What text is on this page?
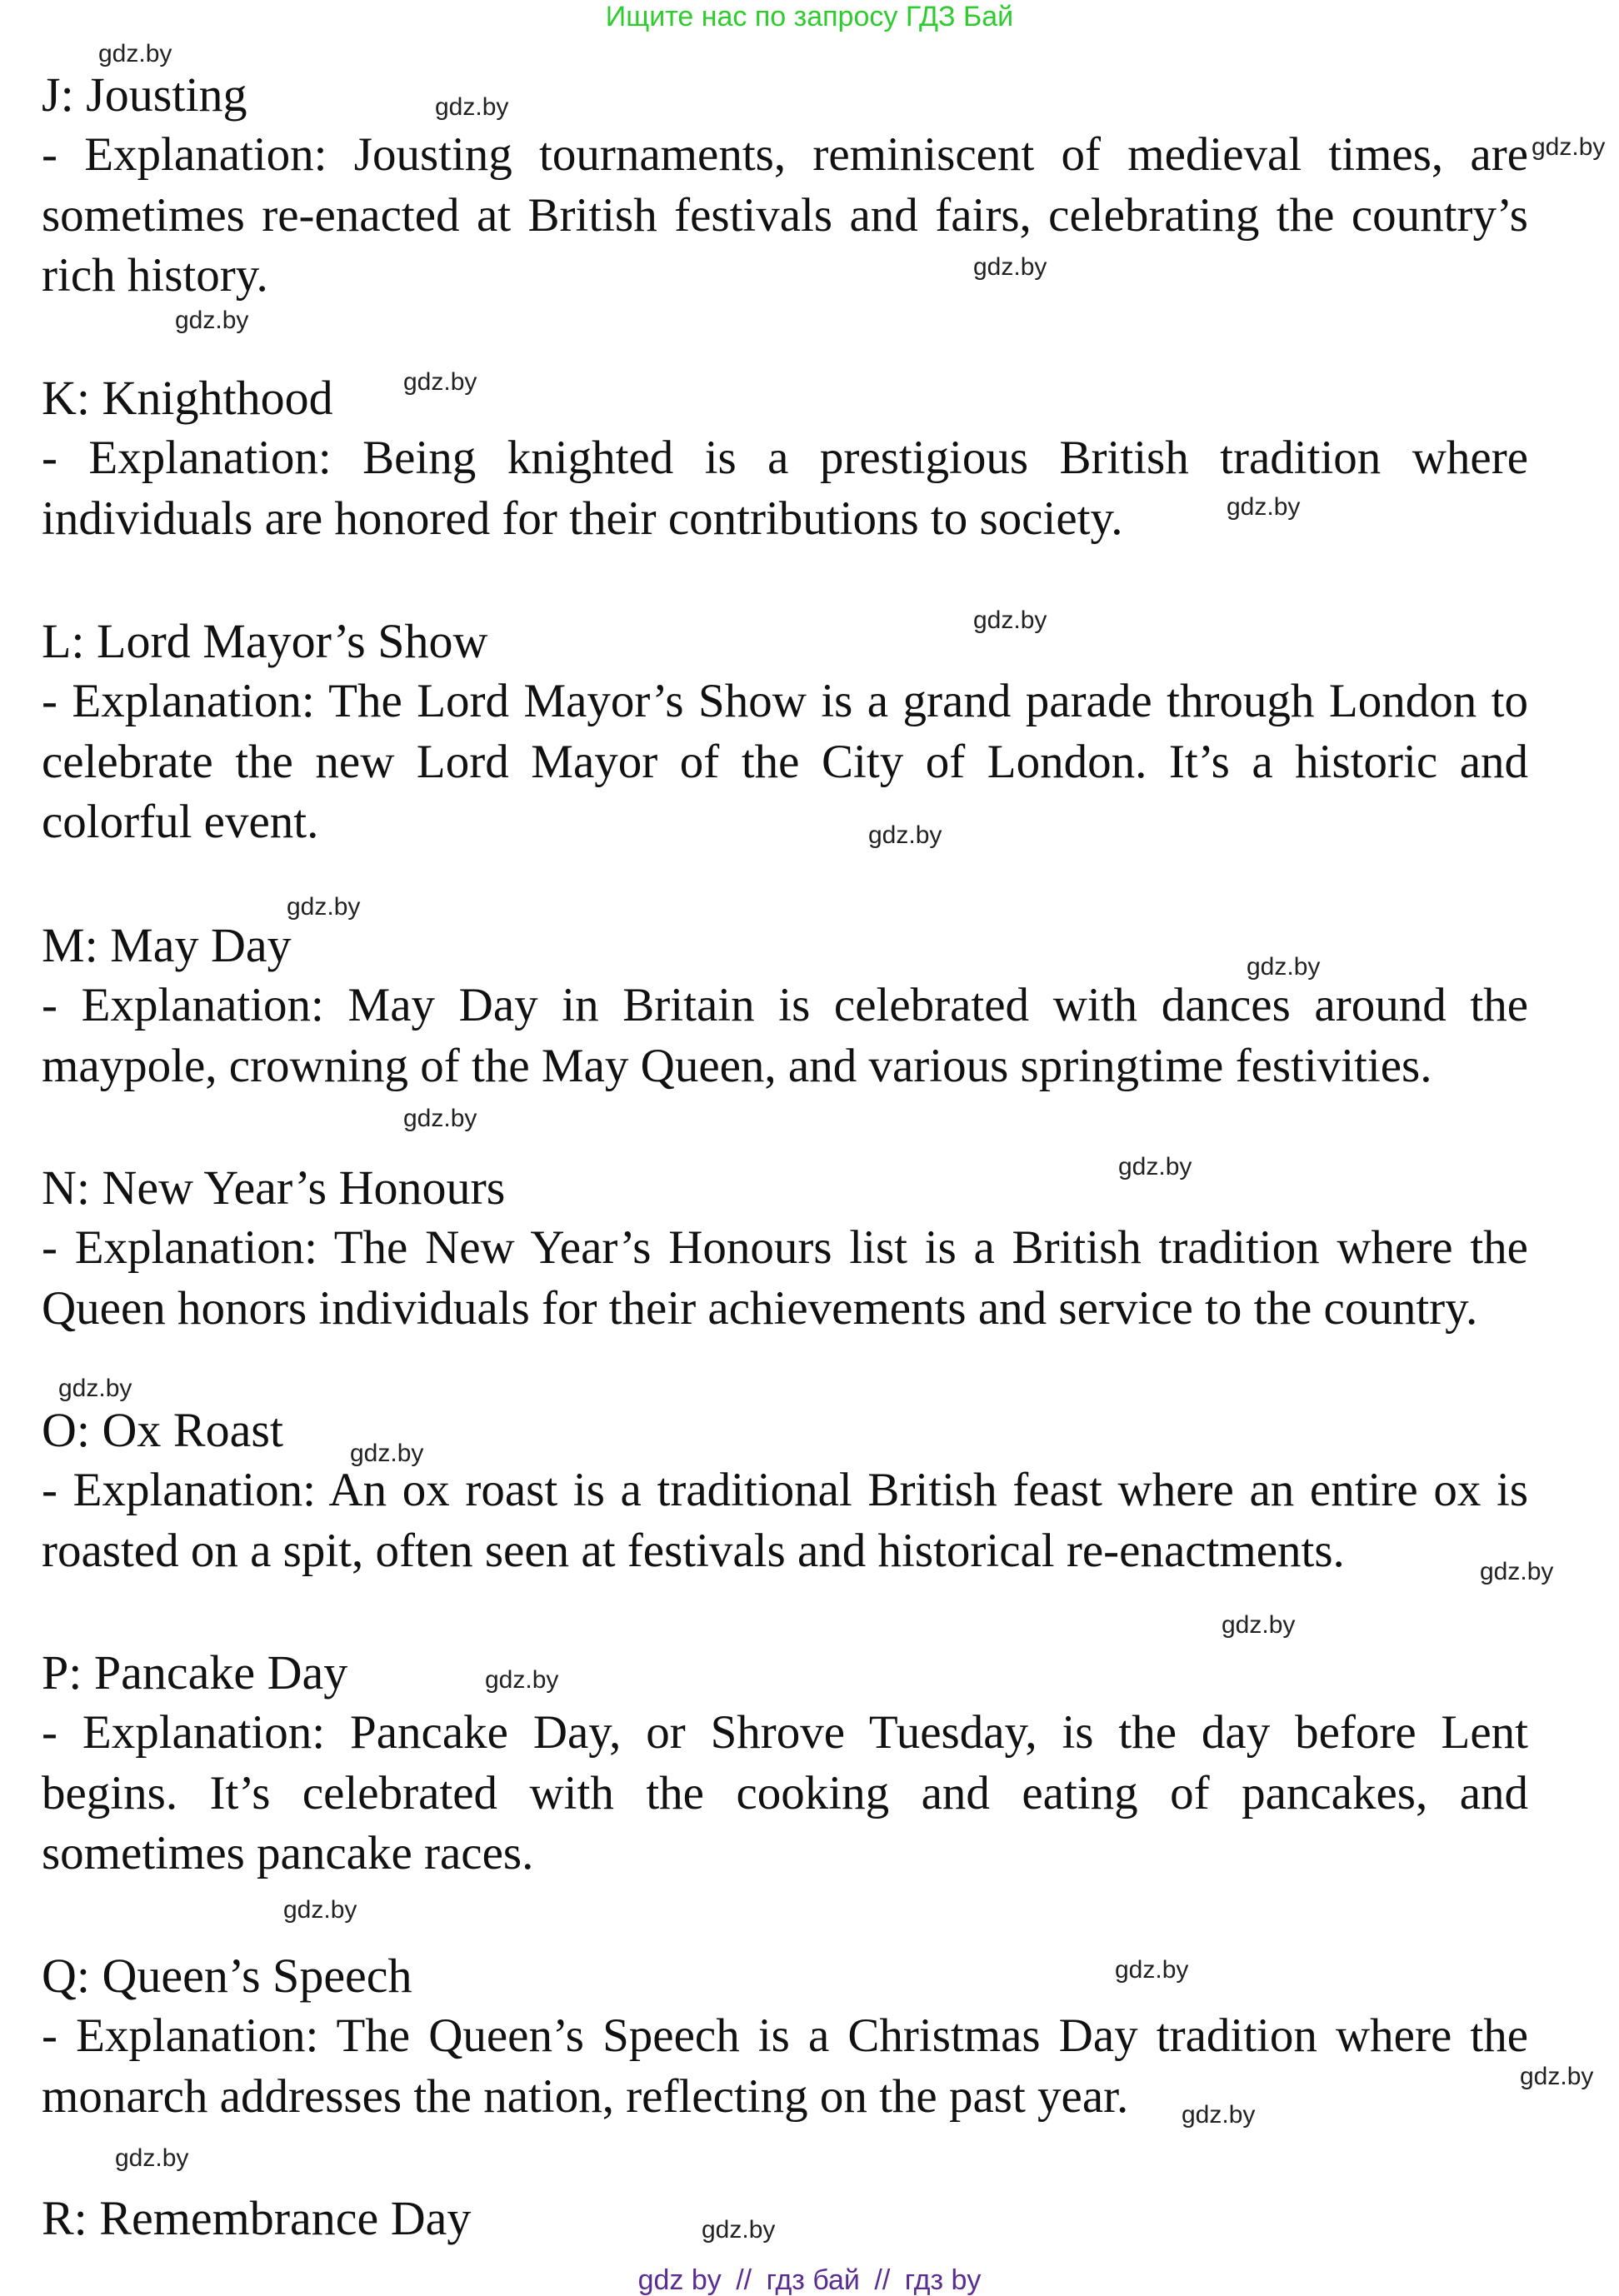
Ищите нас по запросу ГДЗ Бай

J: Jousting

- Explanation: Jousting tournaments, reminiscent of medieval times, are sometimes re-enacted at British festivals and fairs, celebrating the country’s rich history.

K: Knighthood

- Explanation: Being knighted is a prestigious British tradition where individuals are honored for their contributions to society.

L: Lord Mayor’s Show

- Explanation: The Lord Mayor’s Show is a grand parade through London to celebrate the new Lord Mayor of the City of London. It’s a historic and colorful event.

M: May Day

- Explanation: May Day in Britain is celebrated with dances around the maypole, crowning of the May Queen, and various springtime festivities.

N: New Year’s Honours

- Explanation: The New Year’s Honours list is a British tradition where the Queen honors individuals for their achievements and service to the country.

O: Ox Roast

- Explanation: An ox roast is a traditional British feast where an entire ox is roasted on a spit, often seen at festivals and historical re-enactments.

P: Pancake Day

- Explanation: Pancake Day, or Shrove Tuesday, is the day before Lent begins. It’s celebrated with the cooking and eating of pancakes, and sometimes pancake races.

Q: Queen’s Speech

- Explanation: The Queen’s Speech is a Christmas Day tradition where the monarch addresses the nation, reflecting on the past year.

R: Remembrance Day

gdz.by
gdz.by
gdz.by
gdz.by
gdz.by
gdz.by
gdz.by
gdz.by
gdz.by
gdz.by
gdz.by
gdz.by
gdz.by
gdz.by
gdz.by
gdz.by
gdz.by
gdz.by
gdz.by
gdz.by
gdz.by
gdz.by
gdz.by
gdz.by
gdz by // гдз бай // гдз by
